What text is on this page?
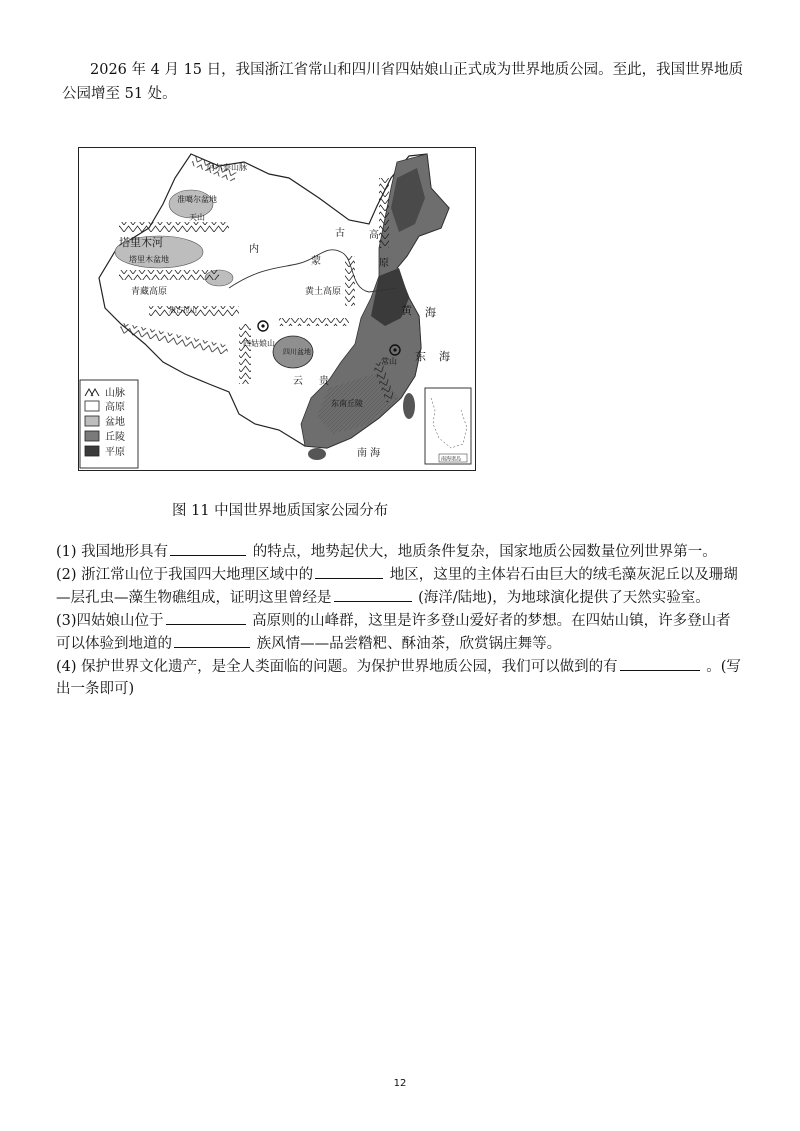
2026 年 4 月 15 日，我国浙江省常山和四川省四姑娘山正式成为世界地质公园。至此，我国世界地质公园增至 51 处。

阿尔泰山脉
准噶尔盆地
天山
塔里木河
塔里木盆地
内
蒙
古 高
原
黄土高原
青藏高原
唐古拉山
四姑娘山
四川盆地
云 贵
东南丘陵
常山
黄 海
东 海
南 海
南海诸岛
山脉
高原
盆地
丘陵
平原

图 11 中国世界地质国家公园分布

(1) 我国地形具有	的特点，地势起伏大，地质条件复杂，国家地质公园数量位列世界第一。

(2) 浙江常山位于我国四大地理区域中的	地区，这里的主体岩石由巨大的绒毛藻灰泥丘以及珊瑚—层孔虫—藻生物礁组成，证明这里曾经是	(海洋/陆地)，为地球演化提供了天然实验室。

(3)四姑娘山位于	高原则的山峰群，这里是许多登山爱好者的梦想。在四姑山镇，许多登山者可以体验到地道的	族风情——品尝糌粑、酥油茶，欣赏锅庄舞等。

(4) 保护世界文化遗产，是全人类面临的问题。为保护世界地质公园，我们可以做到的有	。(写出一条即可)

12
